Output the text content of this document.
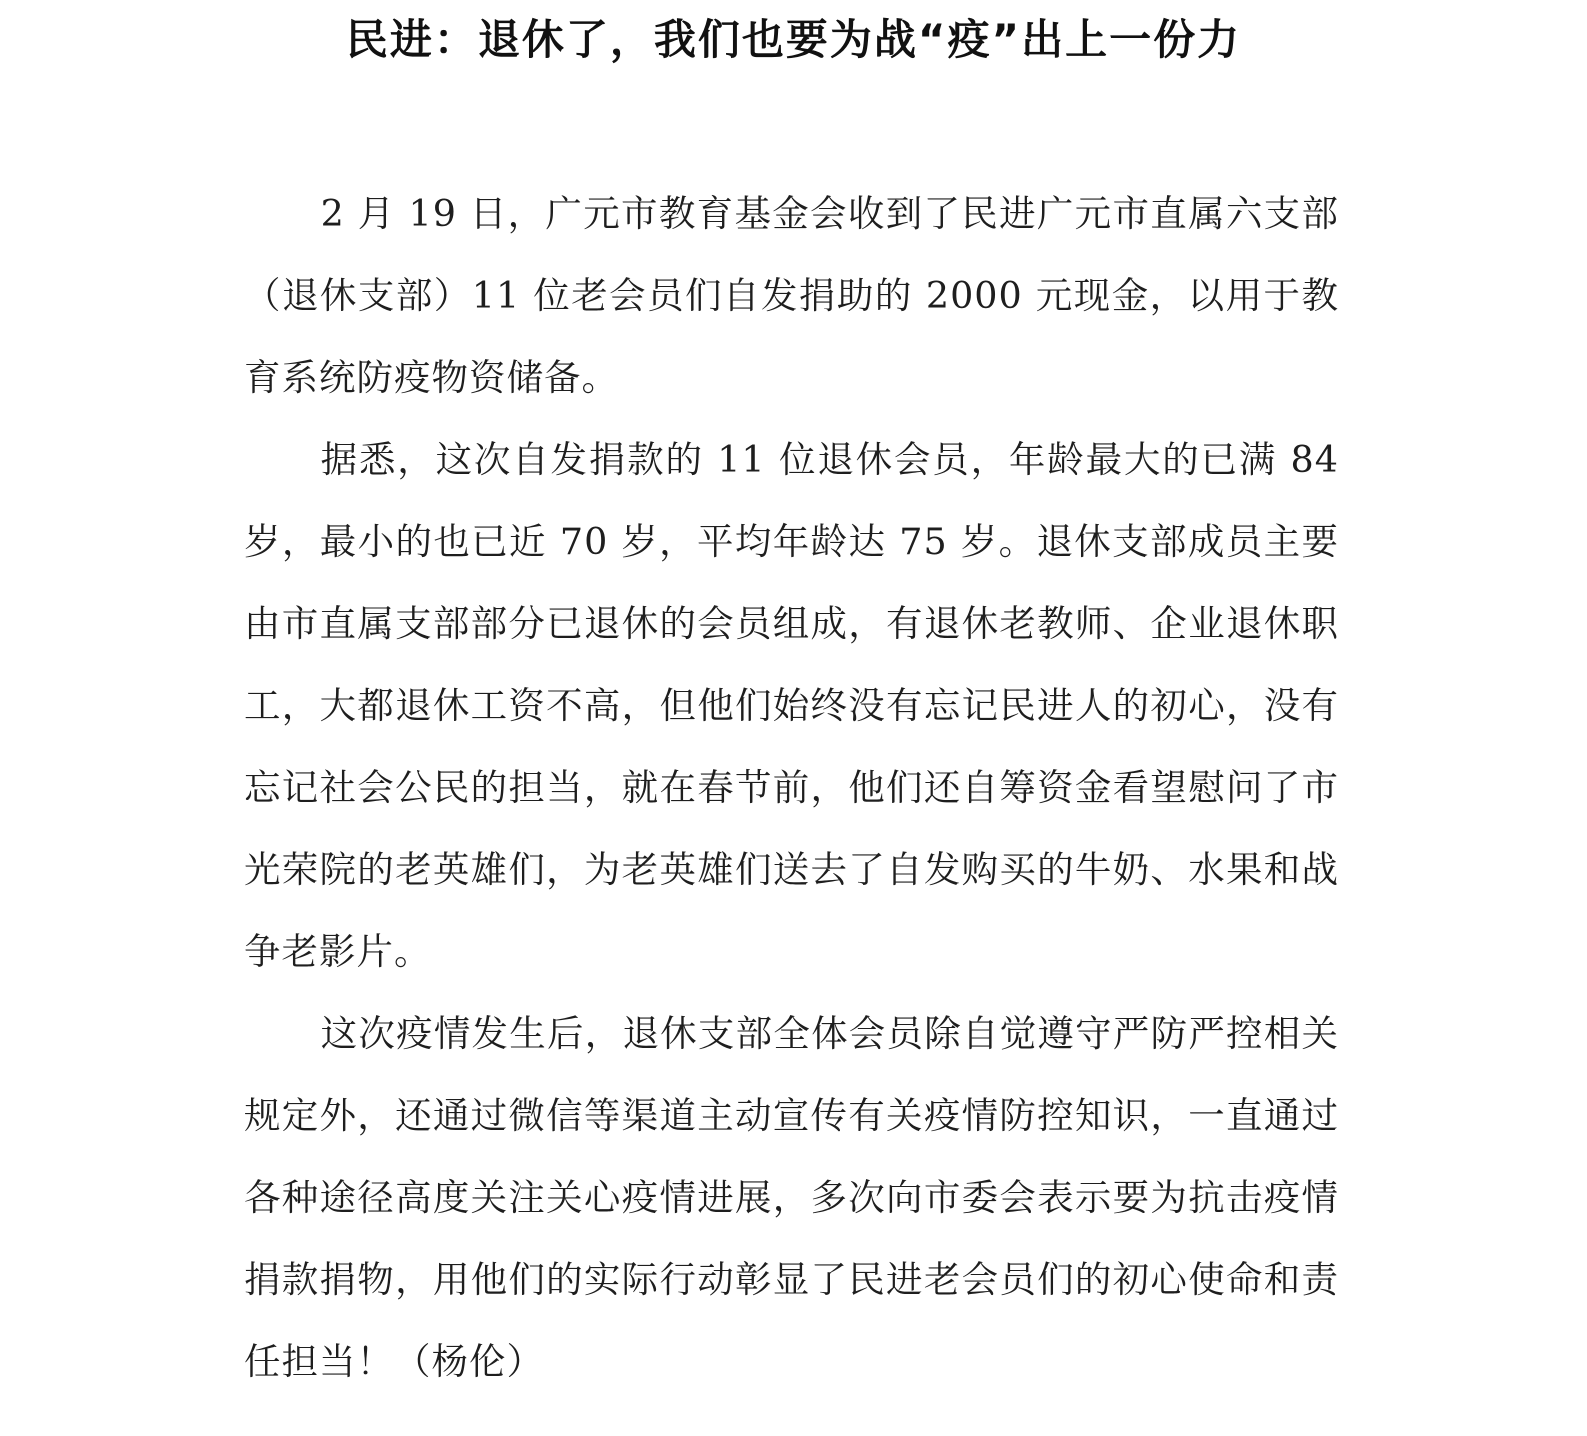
民进：退休了，我们也要为战“疫”出上一份力

2 月 19 日，广元市教育基金会收到了民进广元市直属六支部（退休支部）11 位老会员们自发捐助的 2000 元现金，以用于教育系统防疫物资储备。

据悉，这次自发捐款的 11 位退休会员，年龄最大的已满 84 岁，最小的也已近 70 岁，平均年龄达 75 岁。退休支部成员主要由市直属支部部分已退休的会员组成，有退休老教师、企业退休职工，大都退休工资不高，但他们始终没有忘记民进人的初心，没有忘记社会公民的担当，就在春节前，他们还自筹资金看望慰问了市光荣院的老英雄们，为老英雄们送去了自发购买的牛奶、水果和战争老影片。

这次疫情发生后，退休支部全体会员除自觉遵守严防严控相关规定外，还通过微信等渠道主动宣传有关疫情防控知识，一直通过各种途径高度关注关心疫情进展，多次向市委会表示要为抗击疫情捐款捐物，用他们的实际行动彰显了民进老会员们的初心使命和责任担当！（杨伦）
